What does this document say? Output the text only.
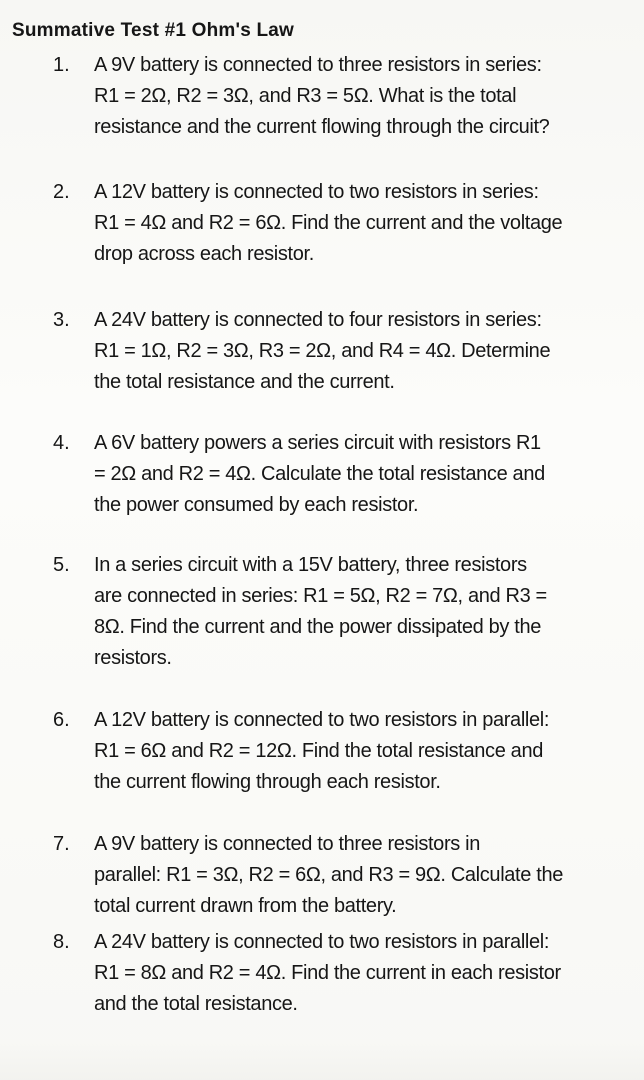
Summative Test #1 Ohm's Law
1.	A 9V battery is connected to three resistors in series:
R1 = 2Ω, R2 = 3Ω, and R3 = 5Ω. What is the total
resistance and the current flowing through the circuit?
2.	A 12V battery is connected to two resistors in series:
R1 = 4Ω and R2 = 6Ω. Find the current and the voltage
drop across each resistor.
3.	A 24V battery is connected to four resistors in series:
R1 = 1Ω, R2 = 3Ω, R3 = 2Ω, and R4 = 4Ω. Determine
the total resistance and the current.
4.	A 6V battery powers a series circuit with resistors R1
= 2Ω and R2 = 4Ω. Calculate the total resistance and
the power consumed by each resistor.
5.	In a series circuit with a 15V battery, three resistors
are connected in series: R1 = 5Ω, R2 = 7Ω, and R3 =
8Ω. Find the current and the power dissipated by the
resistors.
6.	A 12V battery is connected to two resistors in parallel:
R1 = 6Ω and R2 = 12Ω. Find the total resistance and
the current flowing through each resistor.
7.	A 9V battery is connected to three resistors in
parallel: R1 = 3Ω, R2 = 6Ω, and R3 = 9Ω. Calculate the
total current drawn from the battery.
8.	A 24V battery is connected to two resistors in parallel:
R1 = 8Ω and R2 = 4Ω. Find the current in each resistor
and the total resistance.
